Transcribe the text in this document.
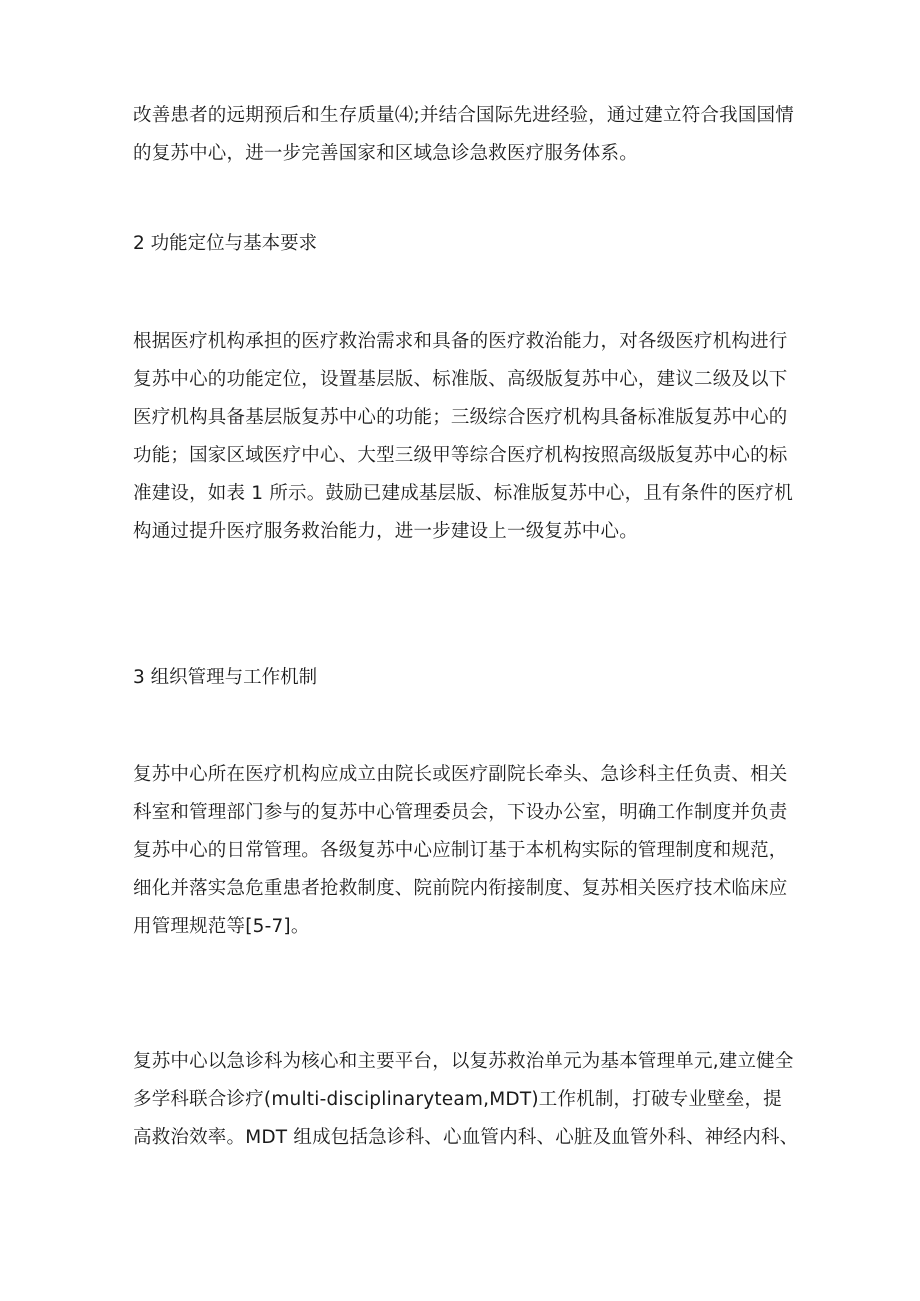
改善患者的远期预后和生存质量⑷;并结合国际先进经验，通过建立符合我国国情
的复苏中心，进一步完善国家和区域急诊急救医疗服务体系。

2 功能定位与基本要求

根据医疗机构承担的医疗救治需求和具备的医疗救治能力，对各级医疗机构进行
复苏中心的功能定位，设置基层版、标准版、高级版复苏中心，建议二级及以下
医疗机构具备基层版复苏中心的功能；三级综合医疗机构具备标准版复苏中心的
功能；国家区域医疗中心、大型三级甲等综合医疗机构按照高级版复苏中心的标
准建设，如表 1 所示。鼓励已建成基层版、标准版复苏中心，且有条件的医疗机
构通过提升医疗服务救治能力，进一步建设上一级复苏中心。

3 组织管理与工作机制

复苏中心所在医疗机构应成立由院长或医疗副院长牵头、急诊科主任负责、相关
科室和管理部门参与的复苏中心管理委员会，下设办公室，明确工作制度并负责
复苏中心的日常管理。各级复苏中心应制订基于本机构实际的管理制度和规范，
细化并落实急危重患者抢救制度、院前院内衔接制度、复苏相关医疗技术临床应
用管理规范等[5-7]。

复苏中心以急诊科为核心和主要平台，以复苏救治单元为基本管理单元,建立健全
多学科联合诊疗(multi-disciplinaryteam,MDT)工作机制，打破专业壁垒，提
高救治效率。MDT 组成包括急诊科、心血管内科、心脏及血管外科、神经内科、
